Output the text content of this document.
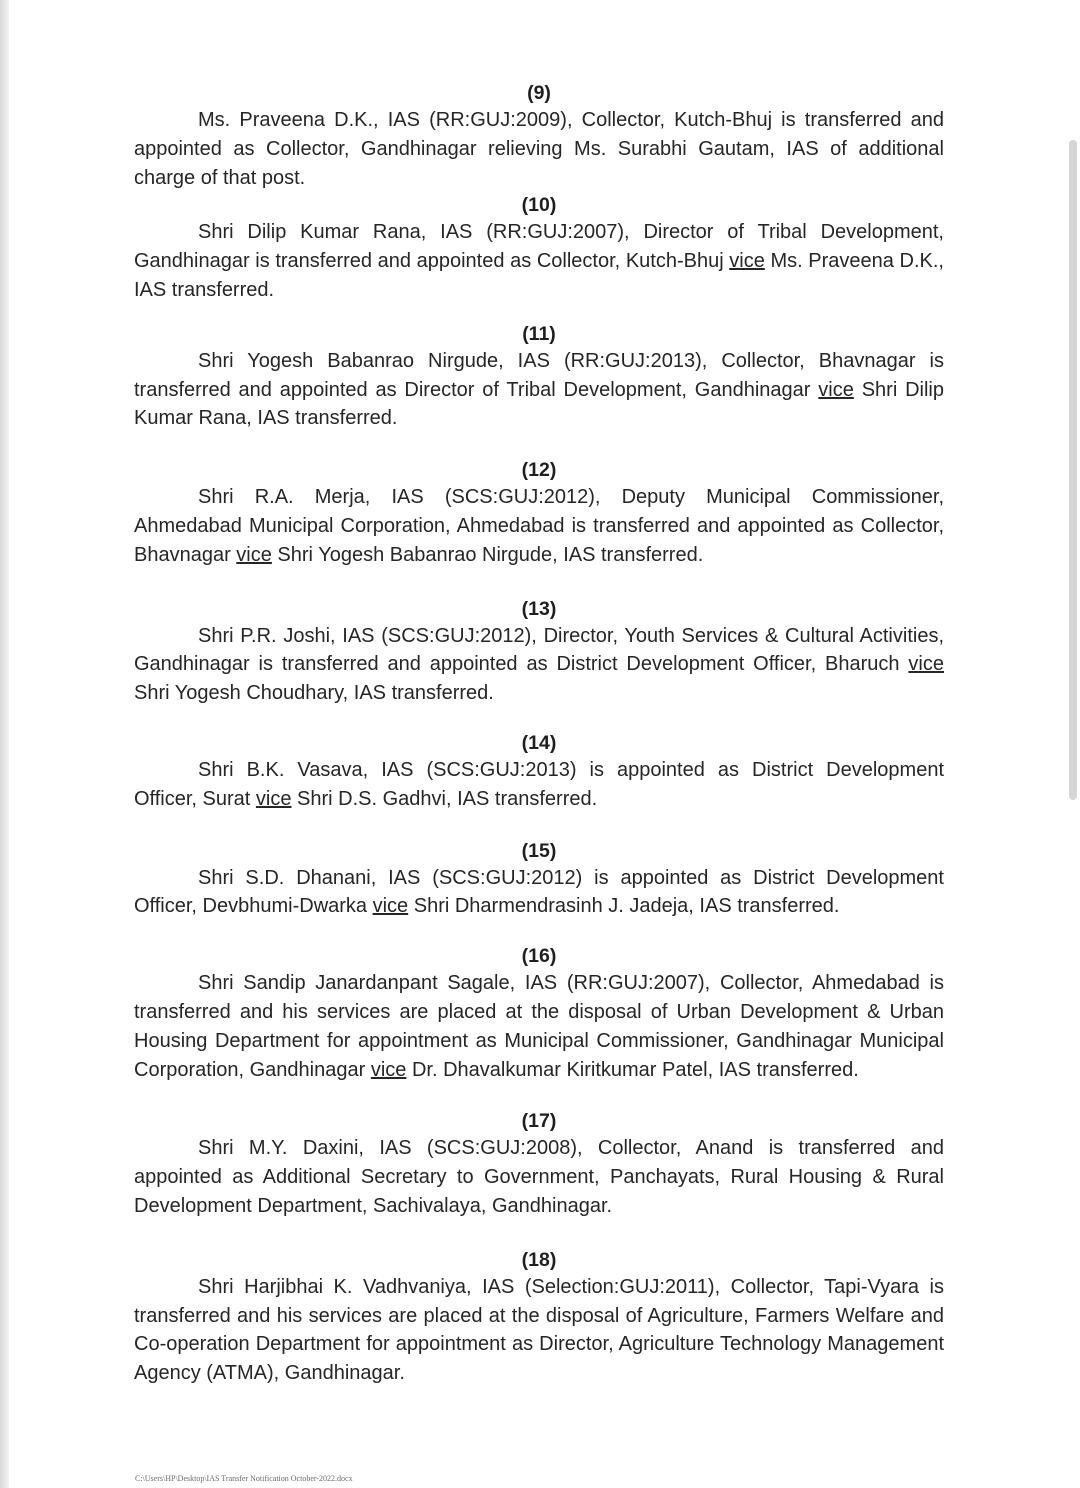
(9)

Ms. Praveena D.K., IAS (RR:GUJ:2009), Collector, Kutch-Bhuj is transferred and appointed as Collector, Gandhinagar relieving Ms. Surabhi Gautam, IAS of additional charge of that post.

(10)

Shri Dilip Kumar Rana, IAS (RR:GUJ:2007), Director of Tribal Development, Gandhinagar is transferred and appointed as Collector, Kutch-Bhuj vice Ms. Praveena D.K., IAS transferred.

(11)

Shri Yogesh Babanrao Nirgude, IAS (RR:GUJ:2013), Collector, Bhavnagar is transferred and appointed as Director of Tribal Development, Gandhinagar vice Shri Dilip Kumar Rana, IAS transferred.

(12)

Shri R.A. Merja, IAS (SCS:GUJ:2012), Deputy Municipal Commissioner, Ahmedabad Municipal Corporation, Ahmedabad is transferred and appointed as Collector, Bhavnagar vice Shri Yogesh Babanrao Nirgude, IAS transferred.

(13)

Shri P.R. Joshi, IAS (SCS:GUJ:2012), Director, Youth Services & Cultural Activities, Gandhinagar is transferred and appointed as District Development Officer, Bharuch vice Shri Yogesh Choudhary, IAS transferred.

(14)

Shri B.K. Vasava, IAS (SCS:GUJ:2013) is appointed as District Development Officer, Surat vice Shri D.S. Gadhvi, IAS transferred.

(15)

Shri S.D. Dhanani, IAS (SCS:GUJ:2012) is appointed as District Development Officer, Devbhumi-Dwarka vice Shri Dharmendrasinh J. Jadeja, IAS transferred.

(16)

Shri Sandip Janardanpant Sagale, IAS (RR:GUJ:2007), Collector, Ahmedabad is transferred and his services are placed at the disposal of Urban Development & Urban Housing Department for appointment as Municipal Commissioner, Gandhinagar Municipal Corporation, Gandhinagar vice Dr. Dhavalkumar Kiritkumar Patel, IAS transferred.

(17)

Shri M.Y. Daxini, IAS (SCS:GUJ:2008), Collector, Anand is transferred and appointed as Additional Secretary to Government, Panchayats, Rural Housing & Rural Development Department, Sachivalaya, Gandhinagar.

(18)

Shri Harjibhai K. Vadhvaniya, IAS (Selection:GUJ:2011), Collector, Tapi-Vyara is transferred and his services are placed at the disposal of Agriculture, Farmers Welfare and Co-operation Department for appointment as Director, Agriculture Technology Management Agency (ATMA), Gandhinagar.

C:\Users\HP\Desktop\IAS Transfer Notification October-2022.docx
